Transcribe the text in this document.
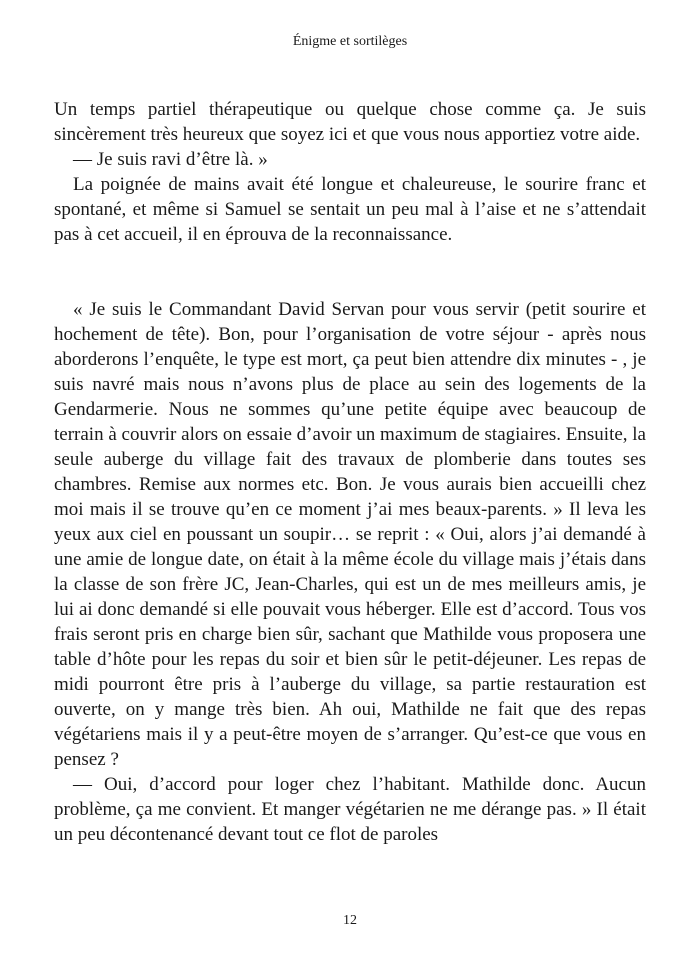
Énigme et sortilèges

Un temps partiel thérapeutique ou quelque chose comme ça. Je suis sincèrement très heureux que soyez ici et que vous nous apportiez votre aide.

— Je suis ravi d’être là. »

La poignée de mains avait été longue et chaleureuse, le sourire franc et spontané, et même si Samuel se sentait un peu mal à l’aise et ne s’attendait pas à cet accueil, il en éprouva de la reconnaissance.

« Je suis le Commandant David Servan pour vous servir (petit sourire et hochement de tête). Bon, pour l’organisation de votre séjour - après nous aborderons l’enquête, le type est mort, ça peut bien attendre dix minutes - , je suis navré mais nous n’avons plus de place au sein des logements de la Gendarmerie. Nous ne sommes qu’une petite équipe avec beaucoup de terrain à couvrir alors on essaie d’avoir un maximum de stagiaires. Ensuite, la seule auberge du village fait des travaux de plomberie dans toutes ses chambres. Remise aux normes etc. Bon. Je vous aurais bien accueilli chez moi mais il se trouve qu’en ce moment j’ai mes beaux-parents. » Il leva les yeux aux ciel en poussant un soupir… se reprit : « Oui, alors j’ai demandé à une amie de longue date, on était à la même école du village mais j’étais dans la classe de son frère JC, Jean-Charles, qui est un de mes meilleurs amis, je lui ai donc demandé si elle pouvait vous héberger. Elle est d’accord. Tous vos frais seront pris en charge bien sûr, sachant que Mathilde vous proposera une table d’hôte pour les repas du soir et bien sûr le petit-déjeuner. Les repas de midi pourront être pris à l’auberge du village, sa partie restauration est ouverte, on y mange très bien. Ah oui, Mathilde ne fait que des repas végétariens mais il y a peut-être moyen de s’arranger. Qu’est-ce que vous en pensez ?

— Oui, d’accord pour loger chez l’habitant. Mathilde donc. Aucun problème, ça me convient. Et manger végétarien ne me dérange pas. » Il était un peu décontenancé devant tout ce flot de paroles

12
